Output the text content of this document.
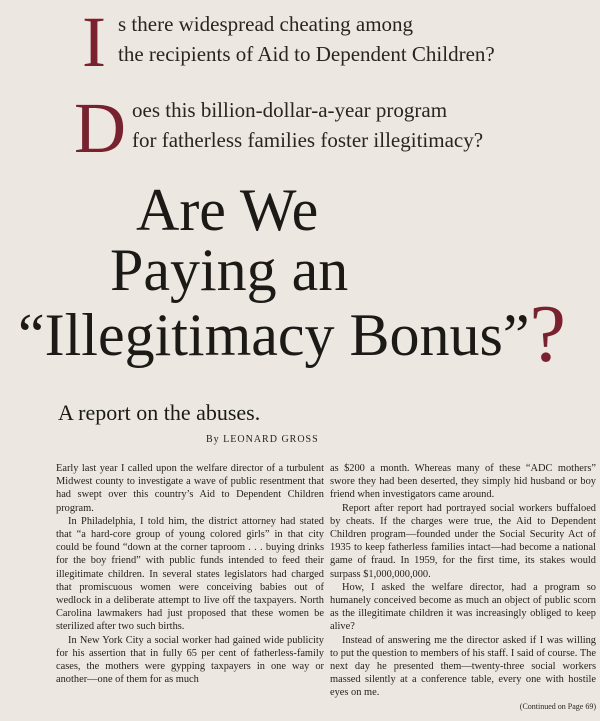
I s there widespread cheating among
the recipients of Aid to Dependent Children?
D oes this billion-dollar-a-year program
for fatherless families foster illegitimacy?
Are We
Paying an
“Illegitimacy Bonus”?
A report on the abuses.
By LEONARD GROSS

Early last year I called upon the welfare director of a turbulent Midwest county to investigate a wave of public resentment that had swept over this country’s Aid to Dependent Children program.

In Philadelphia, I told him, the district attorney had stated that “a hard-core group of young colored girls” in that city could be found “down at the corner taproom . . . buying drinks for the boy friend” with public funds intended to feed their illegitimate children. In several states legislators had charged that promiscuous women were conceiving babies out of wedlock in a deliberate attempt to live off the taxpayers. North Carolina lawmakers had just proposed that these women be sterilized after two such births.

In New York City a social worker had gained wide publicity for his assertion that in fully 65 per cent of fatherless-family cases, the mothers were gypping taxpayers in one way or another—one of them for as much

as $200 a month. Whereas many of these “ADC mothers” swore they had been deserted, they simply hid husband or boy friend when investigators came around.

Report after report had portrayed social workers buffaloed by cheats. If the charges were true, the Aid to Dependent Children program—founded under the Social Security Act of 1935 to keep fatherless families intact—had become a national game of fraud. In 1959, for the first time, its stakes would surpass $1,000,000,000.

How, I asked the welfare director, had a program so humanely conceived become as much an object of public scorn as the illegitimate children it was increasingly obliged to keep alive?

Instead of answering me the director asked if I was willing to put the question to members of his staff. I said of course. The next day he presented them—twenty-three social workers massed silently at a conference table, every one with hostile eyes on me.

(Continued on Page 69)
